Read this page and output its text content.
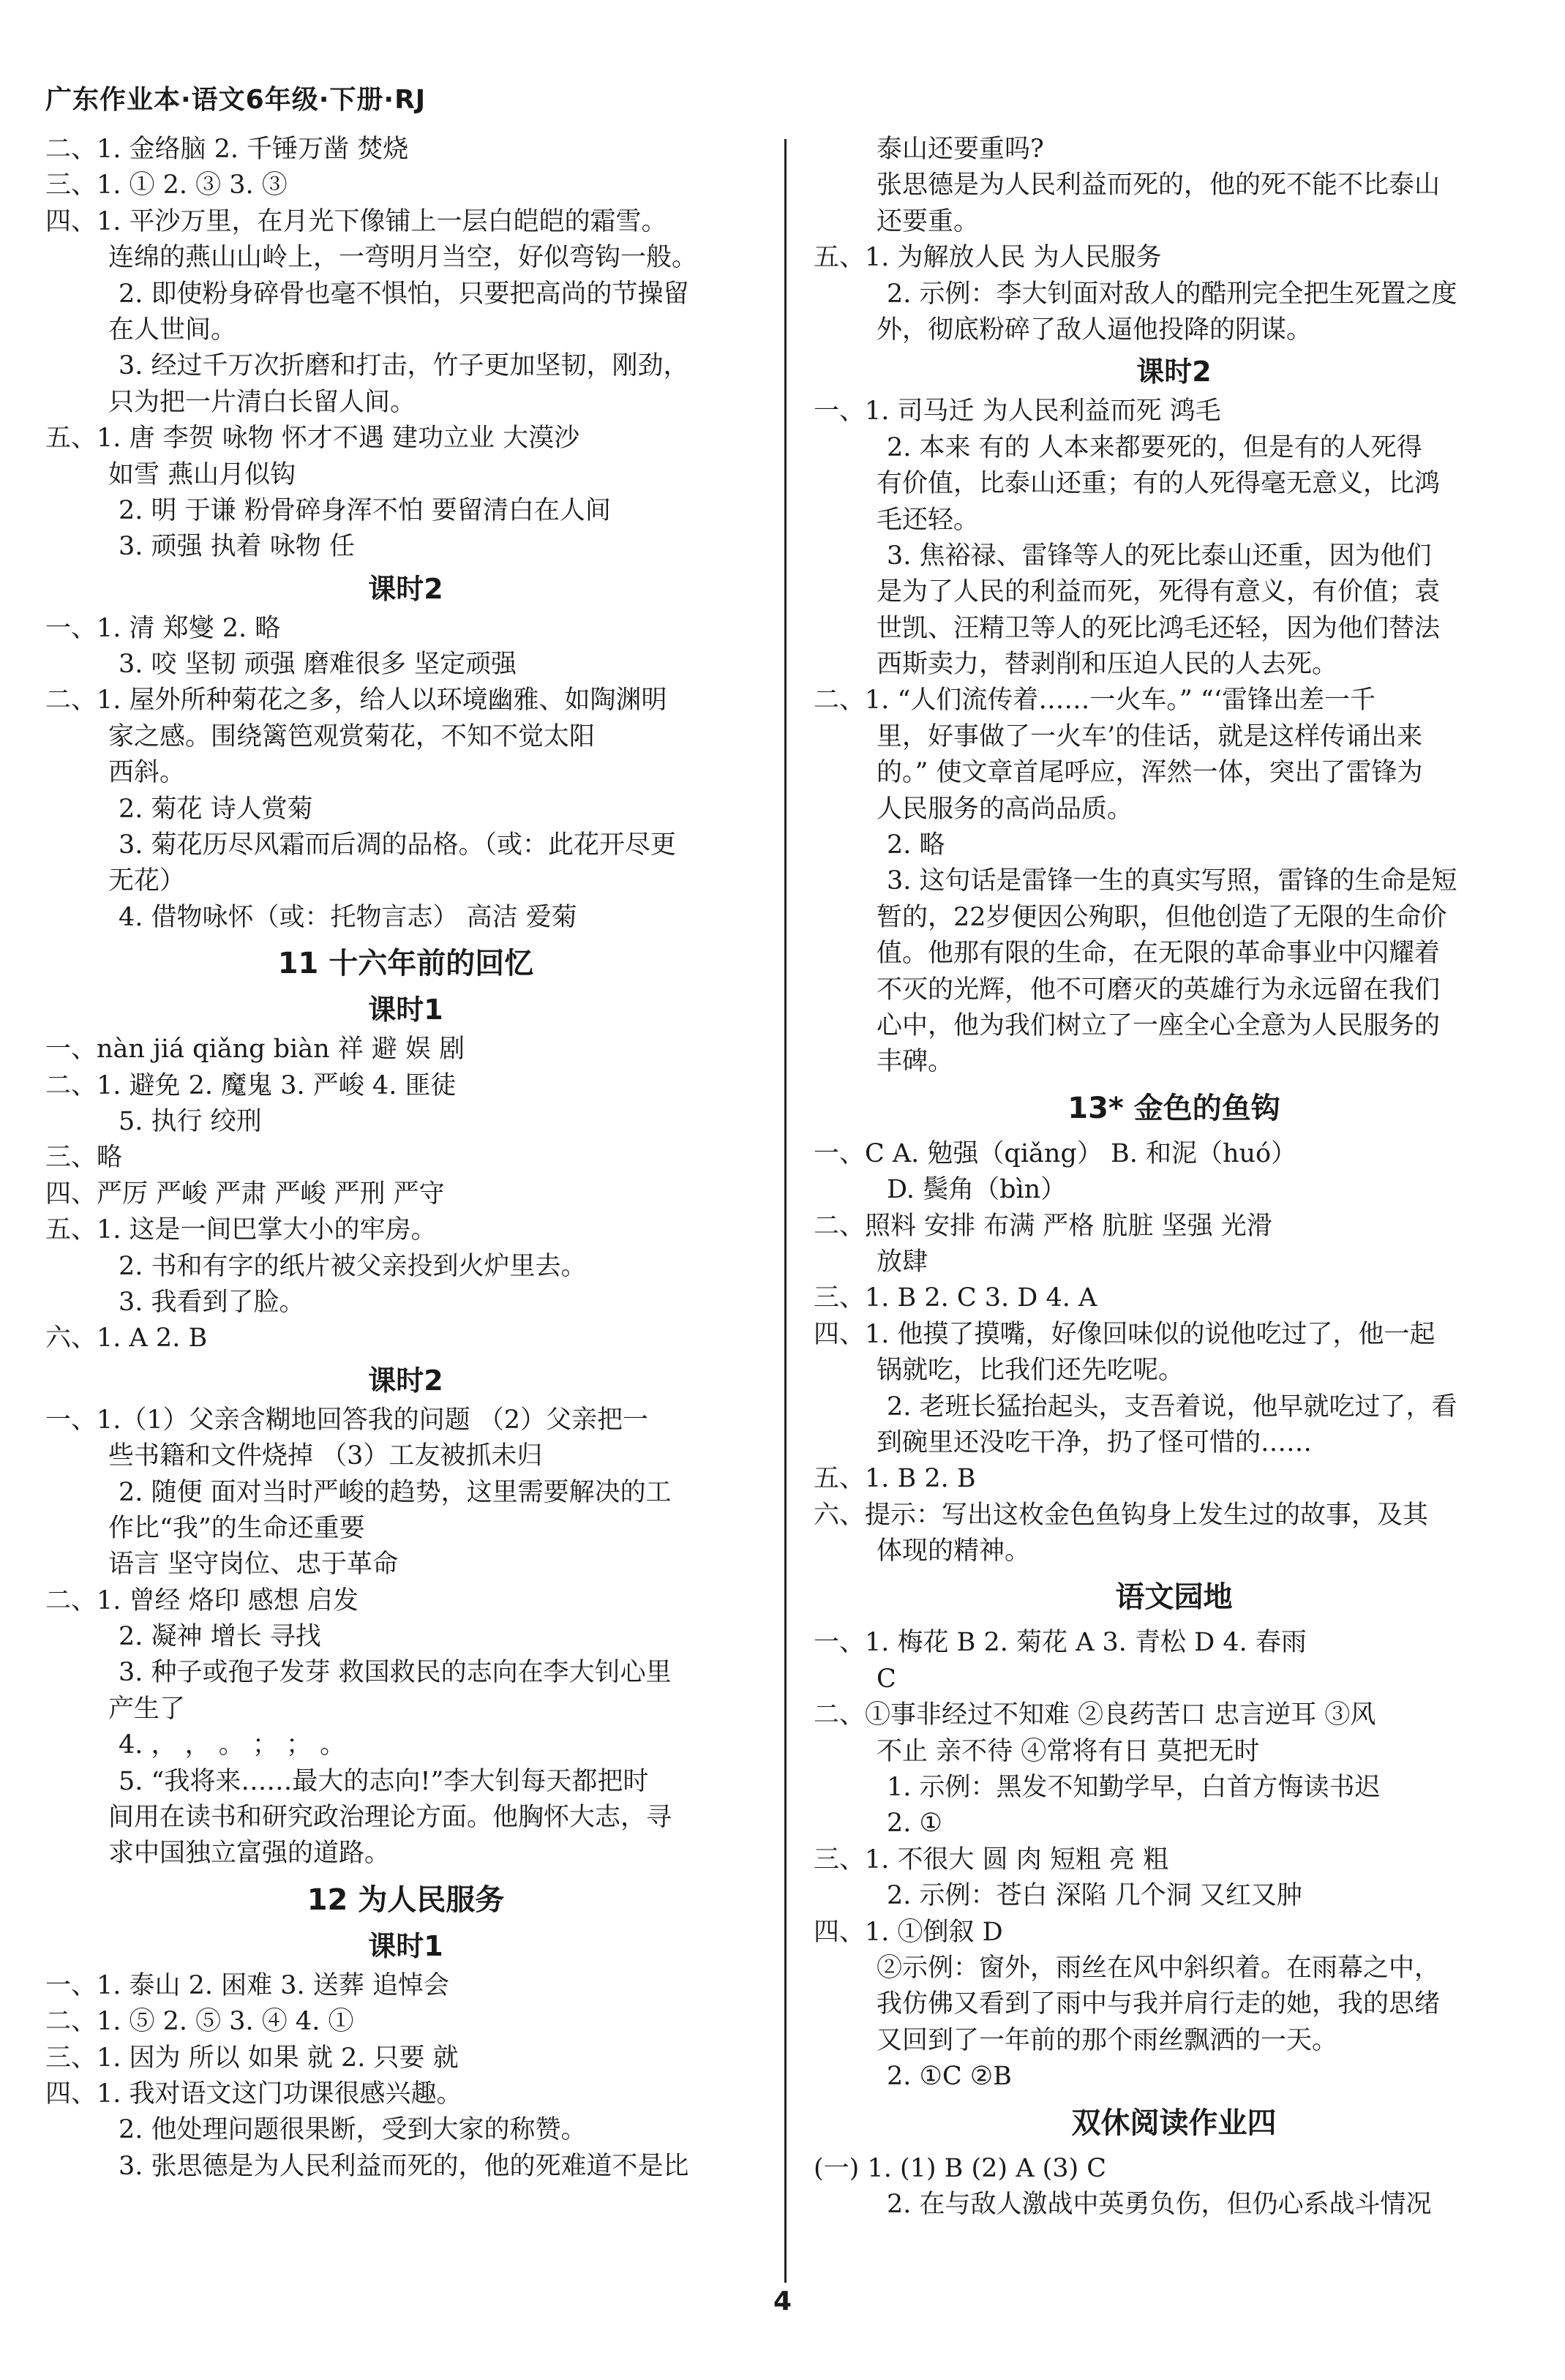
广东作业本·语文6年级·下册·RJ
二、1. 金络脑 2. 千锤万凿 焚烧
三、1. ① 2. ③ 3. ③
四、1. 平沙万里，在月光下像铺上一层白皑皑的霜雪。
连绵的燕山山岭上，一弯明月当空，好似弯钩一般。
2. 即使粉身碎骨也毫不惧怕，只要把高尚的节操留
在人世间。
3. 经过千万次折磨和打击，竹子更加坚韧，刚劲，
只为把一片清白长留人间。
五、1. 唐 李贺 咏物 怀才不遇 建功立业 大漠沙
如雪 燕山月似钩
2. 明 于谦 粉骨碎身浑不怕 要留清白在人间
3. 顽强 执着 咏物 任
课时2
一、1. 清 郑燮 2. 略
3. 咬 坚韧 顽强 磨难很多 坚定顽强
二、1. 屋外所种菊花之多，给人以环境幽雅、如陶渊明
家之感。围绕篱笆观赏菊花，不知不觉太阳
西斜。
2. 菊花 诗人赏菊
3. 菊花历尽风霜而后凋的品格。（或：此花开尽更
无花）
4. 借物咏怀（或：托物言志） 高洁 爱菊
11 十六年前的回忆
课时1
一、nàn jiá qiǎng biàn 祥 避 娱 剧
二、1. 避免 2. 魔鬼 3. 严峻 4. 匪徒
5. 执行 绞刑
三、略
四、严厉 严峻 严肃 严峻 严刑 严守
五、1. 这是一间巴掌大小的牢房。
2. 书和有字的纸片被父亲投到火炉里去。
3. 我看到了脸。
六、1. A 2. B
课时2
一、1.（1）父亲含糊地回答我的问题 （2）父亲把一
些书籍和文件烧掉 （3）工友被抓未归
2. 随便 面对当时严峻的趋势，这里需要解决的工
作比“我”的生命还重要
语言 坚守岗位、忠于革命
二、1. 曾经 烙印 感想 启发
2. 凝神 增长 寻找
3. 种子或孢子发芽 救国救民的志向在李大钊心里
产生了
4. ， ， 。 ； ； 。
5. “我将来……最大的志向!”李大钊每天都把时
间用在读书和研究政治理论方面。他胸怀大志，寻
求中国独立富强的道路。
12 为人民服务
课时1
一、1. 泰山 2. 困难 3. 送葬 追悼会
二、1. ⑤ 2. ⑤ 3. ④ 4. ①
三、1. 因为 所以 如果 就 2. 只要 就
四、1. 我对语文这门功课很感兴趣。
2. 他处理问题很果断，受到大家的称赞。
3. 张思德是为人民利益而死的，他的死难道不是比
泰山还要重吗?
张思德是为人民利益而死的，他的死不能不比泰山
还要重。
五、1. 为解放人民 为人民服务
2. 示例：李大钊面对敌人的酷刑完全把生死置之度
外，彻底粉碎了敌人逼他投降的阴谋。
课时2
一、1. 司马迁 为人民利益而死 鸿毛
2. 本来 有的 人本来都要死的，但是有的人死得
有价值，比泰山还重；有的人死得毫无意义，比鸿
毛还轻。
3. 焦裕禄、雷锋等人的死比泰山还重，因为他们
是为了人民的利益而死，死得有意义，有价值；袁
世凯、汪精卫等人的死比鸿毛还轻，因为他们替法
西斯卖力，替剥削和压迫人民的人去死。
二、1. “人们流传着……一火车。” “‘雷锋出差一千
里，好事做了一火车’的佳话，就是这样传诵出来
的。” 使文章首尾呼应，浑然一体，突出了雷锋为
人民服务的高尚品质。
2. 略
3. 这句话是雷锋一生的真实写照，雷锋的生命是短
暂的，22岁便因公殉职，但他创造了无限的生命价
值。他那有限的生命，在无限的革命事业中闪耀着
不灭的光辉，他不可磨灭的英雄行为永远留在我们
心中，他为我们树立了一座全心全意为人民服务的
丰碑。
13* 金色的鱼钩
一、C A. 勉强（qiǎng） B. 和泥（huó）
D. 鬓角（bìn）
二、照料 安排 布满 严格 肮脏 坚强 光滑
放肆
三、1. B 2. C 3. D 4. A
四、1. 他摸了摸嘴，好像回味似的说他吃过了，他一起
锅就吃，比我们还先吃呢。
2. 老班长猛抬起头，支吾着说，他早就吃过了，看
到碗里还没吃干净，扔了怪可惜的……
五、1. B 2. B
六、提示：写出这枚金色鱼钩身上发生过的故事，及其
体现的精神。
语文园地
一、1. 梅花 B 2. 菊花 A 3. 青松 D 4. 春雨
C
二、①事非经过不知难 ②良药苦口 忠言逆耳 ③风
不止 亲不待 ④常将有日 莫把无时
1. 示例：黑发不知勤学早，白首方悔读书迟
2. ①
三、1. 不很大 圆 肉 短粗 亮 粗
2. 示例：苍白 深陷 几个洞 又红又肿
四、1. ①倒叙 D
②示例：窗外，雨丝在风中斜织着。在雨幕之中，
我仿佛又看到了雨中与我并肩行走的她，我的思绪
又回到了一年前的那个雨丝飘洒的一天。
2. ①C ②B
双休阅读作业四
(一) 1. (1) B (2) A (3) C
2. 在与敌人激战中英勇负伤，但仍心系战斗情况
4
